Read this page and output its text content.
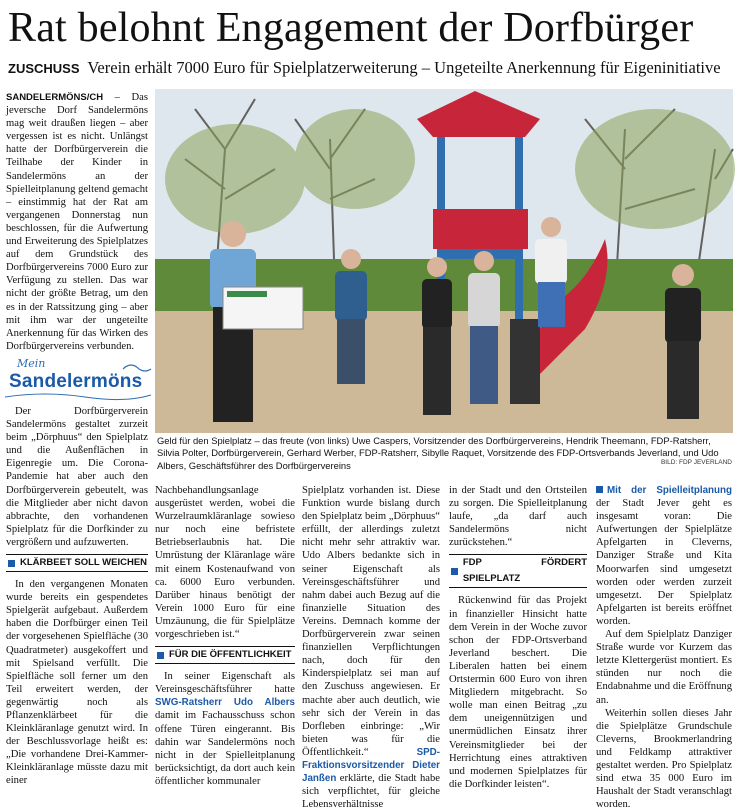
Rat belohnt Engagement der Dorfbürger
ZUSCHUSS Verein erhält 7000 Euro für Spielplatzerweiterung – Ungeteilte Anerkennung für Eigeninitiative

SANDELERMÖNS/CH – Das jeversche Dorf Sandelermöns mag weit draußen liegen – aber vergessen ist es nicht. Unlängst hatte der Dorfbürgerverein die Teilhabe der Kinder in Sandelermöns an der Spielleitplanung geltend gemacht – einstimmig hat der Rat am vergangenen Donnerstag nun beschlossen, für die Aufwertung und Erweiterung des Spielplatzes auf dem Grundstück des Dorfbürgervereins 7000 Euro zur Verfügung zu stellen. Das war nicht der größte Betrag, um den es in der Ratssitzung ging – aber mit ihm war der ungeteilte Anerkennung für das Wirken des Dorfbürgervereins verbunden.

Mein
Sandelermöns

Der Dorfbürgerverein Sandelermöns gestaltet zurzeit beim „Dörphuus“ den Spielplatz und die Außenflächen in Eigenregie um. Die Corona-Pandemie hat aber auch den Dorfbürgerverein gebeutelt, was die Mitglieder aber nicht davon abbrachte, den vorhandenen Spielplatz für die Dorfkinder zu vergrößern und aufzuwerten.

KLÄRBEET SOLL WEICHEN

In den vergangenen Monaten wurde bereits ein gespendetes Spielgerät aufgebaut. Außerdem haben die Dorfbürger einen Teil der vorgesehenen Spielfläche (30 Quadratmeter) ausgekoffert und mit Spielsand verfüllt. Die Spielfläche soll ferner um den Teil erweitert werden, der gegenwärtig noch als Pflanzenklärbeet für die Kleinkläranlage genutzt wird. In der Beschlussvorlage heißt es: „Die vorhandene Drei-Kammer-Kleinkläranlage müsste dazu mit einer

Geld für den Spielplatz – das freute (von links) Uwe Caspers, Vorsitzender des Dorfbürgervereins, Hendrik Theemann, FDP-Ratsherr, Silvia Polter, Dorfbürgerverein, Gerhard Werber, FDP-Ratsherr, Sibylle Raquet, Vorsitzende des FDP-Ortsverbands Jeverland, und Udo Albers, Geschäftsführer des Dorfbürgervereins	BILD: FDP JEVERLAND

Nachbehandlungsanlage ausgerüstet werden, wobei die Wurzelraumkläranlage sowieso nur noch eine befristete Betriebserlaubnis hat. Die Umrüstung der Kläranlage wäre mit einem Kostenaufwand von ca. 6000 Euro verbunden. Darüber hinaus benötigt der Verein 1000 Euro für eine Umzäunung, die für Spielplätze vorgeschrieben ist.“

FÜR DIE ÖFFENTLICHKEIT

In seiner Eigenschaft als Vereinsgeschäftsführer hatte SWG-Ratsherr Udo Albers damit im Fachausschuss schon offene Türen eingerannt. Bis dahin war Sandelermöns noch nicht in der Spielleitplanung berücksichtigt, da dort auch kein öffentlicher kommunaler

Spielplatz vorhanden ist. Diese Funktion wurde bislang durch den Spielplatz beim „Dörphuus“ erfüllt, der allerdings zuletzt nicht mehr sehr attraktiv war. Udo Albers bedankte sich in seiner Eigenschaft als Vereinsgeschäftsführer und nahm dabei auch Bezug auf die finanzielle Situation des Vereins. Demnach komme der Dorfbürgerverein zwar seinen finanziellen Verpflichtungen nach, doch für den Kinderspielplatz sei man auf den Zuschuss angewiesen. Er machte aber auch deutlich, wie sehr sich der Verein in das Dorfleben einbringe: „Wir bieten was für die Öffentlichkeit.“ SPD-Fraktionsvorsitzender Dieter Janßen erklärte, die Stadt habe sich verpflichtet, für gleiche Lebensverhältnisse

in der Stadt und den Ortsteilen zu sorgen. Die Spielleitplanung laufe, „da darf auch Sandelermöns nicht zurückstehen.“

FDP FÖRDERT SPIELPLATZ

Rückenwind für das Projekt in finanzieller Hinsicht hatte dem Verein in der Woche zuvor schon der FDP-Ortsverband Jeverland beschert. Die Liberalen hatten bei einem Ortstermin 600 Euro von ihren Mitgliedern mitgebracht. So wolle man einen Beitrag „zu dem uneigennützigen und unermüdlichen Einsatz ihrer Vereinsmitglieder bei der Herrichtung eines attraktiven und modernen Spielplatzes für die Dorfkinder leisten“.

Mit der Spielleitplanung der Stadt Jever geht es insgesamt voran: Die Aufwertungen der Spielplätze Apfelgarten in Cleverns, Danziger Straße und Kita Moorwarfen sind umgesetzt worden oder werden zurzeit umgesetzt. Der Spielplatz Apfelgarten ist bereits eröffnet worden.

Auf dem Spielplatz Danziger Straße wurde vor Kurzem das letzte Klettergerüst montiert. Es stünden nur noch die Endabnahme und die Eröffnung an.

Weiterhin sollen dieses Jahr die Spielplätze Grundschule Cleverns, Brookmerlandring und Feldkamp attraktiver gestaltet werden. Pro Spielplatz sind etwa 35 000 Euro im Haushalt der Stadt veranschlagt worden.
